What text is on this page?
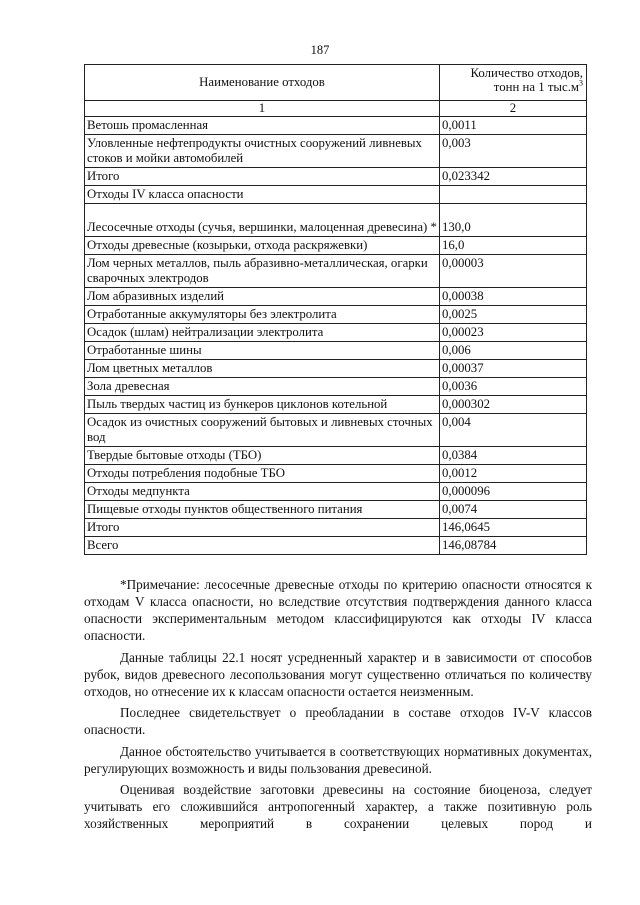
187
Наименование отходов	Количество отходов,
тонн на 1 $тыс.м^3$
1	2
Ветошь промасленная	0,0011
Уловленные нефтепродукты очистных сооружений ливневых стоков и мойки автомобилей	0,003
Итого	0,023342
Отходы IV класса опасности	
Лесосечные отходы (сучья, вершинки, малоценная древесина) *	130,0
Отходы древесные (козырьки, отхода раскряжевки)	16,0
Лом черных металлов, пыль абразивно-металлическая, огарки сварочных электродов	0,00003
Лом абразивных изделий	0,00038
Отработанные аккумуляторы без электролита	0,0025
Осадок (шлам) нейтрализации электролита	0,00023
Отработанные шины	0,006
Лом цветных металлов	0,00037
Зола древесная	0,0036
Пыль твердых частиц из бункеров циклонов котельной	0,000302
Осадок из очистных сооружений бытовых и ливневых сточных вод	0,004
Твердые бытовые отходы (ТБО)	0,0384
Отходы потребления подобные ТБО	0,0012
Отходы медпункта	0,000096
Пищевые отходы пунктов общественного питания	0,0074
Итого	146,0645
Всего	146,08784

*Примечание: лесосечные древесные отходы по критерию опасности относятся к отходам V класса опасности, но вследствие отсутствия подтверждения данного класса опасности экспериментальным методом классифицируются как отходы IV класса опасности.

Данные таблицы 22.1 носят усредненный характер и в зависимости от способов рубок, видов древесного лесопользования могут существенно отличаться по количеству отходов, но отнесение их к классам опасности остается неизменным.

Последнее свидетельствует о преобладании в составе отходов IV-V классов опасности.

Данное обстоятельство учитывается в соответствующих нормативных документах, регулирующих возможность и виды пользования древесиной.

Оценивая воздействие заготовки древесины на состояние биоценоза, следует учитывать его сложившийся антропогенный характер, а также позитивную роль хозяйственных мероприятий в сохранении целевых пород и
